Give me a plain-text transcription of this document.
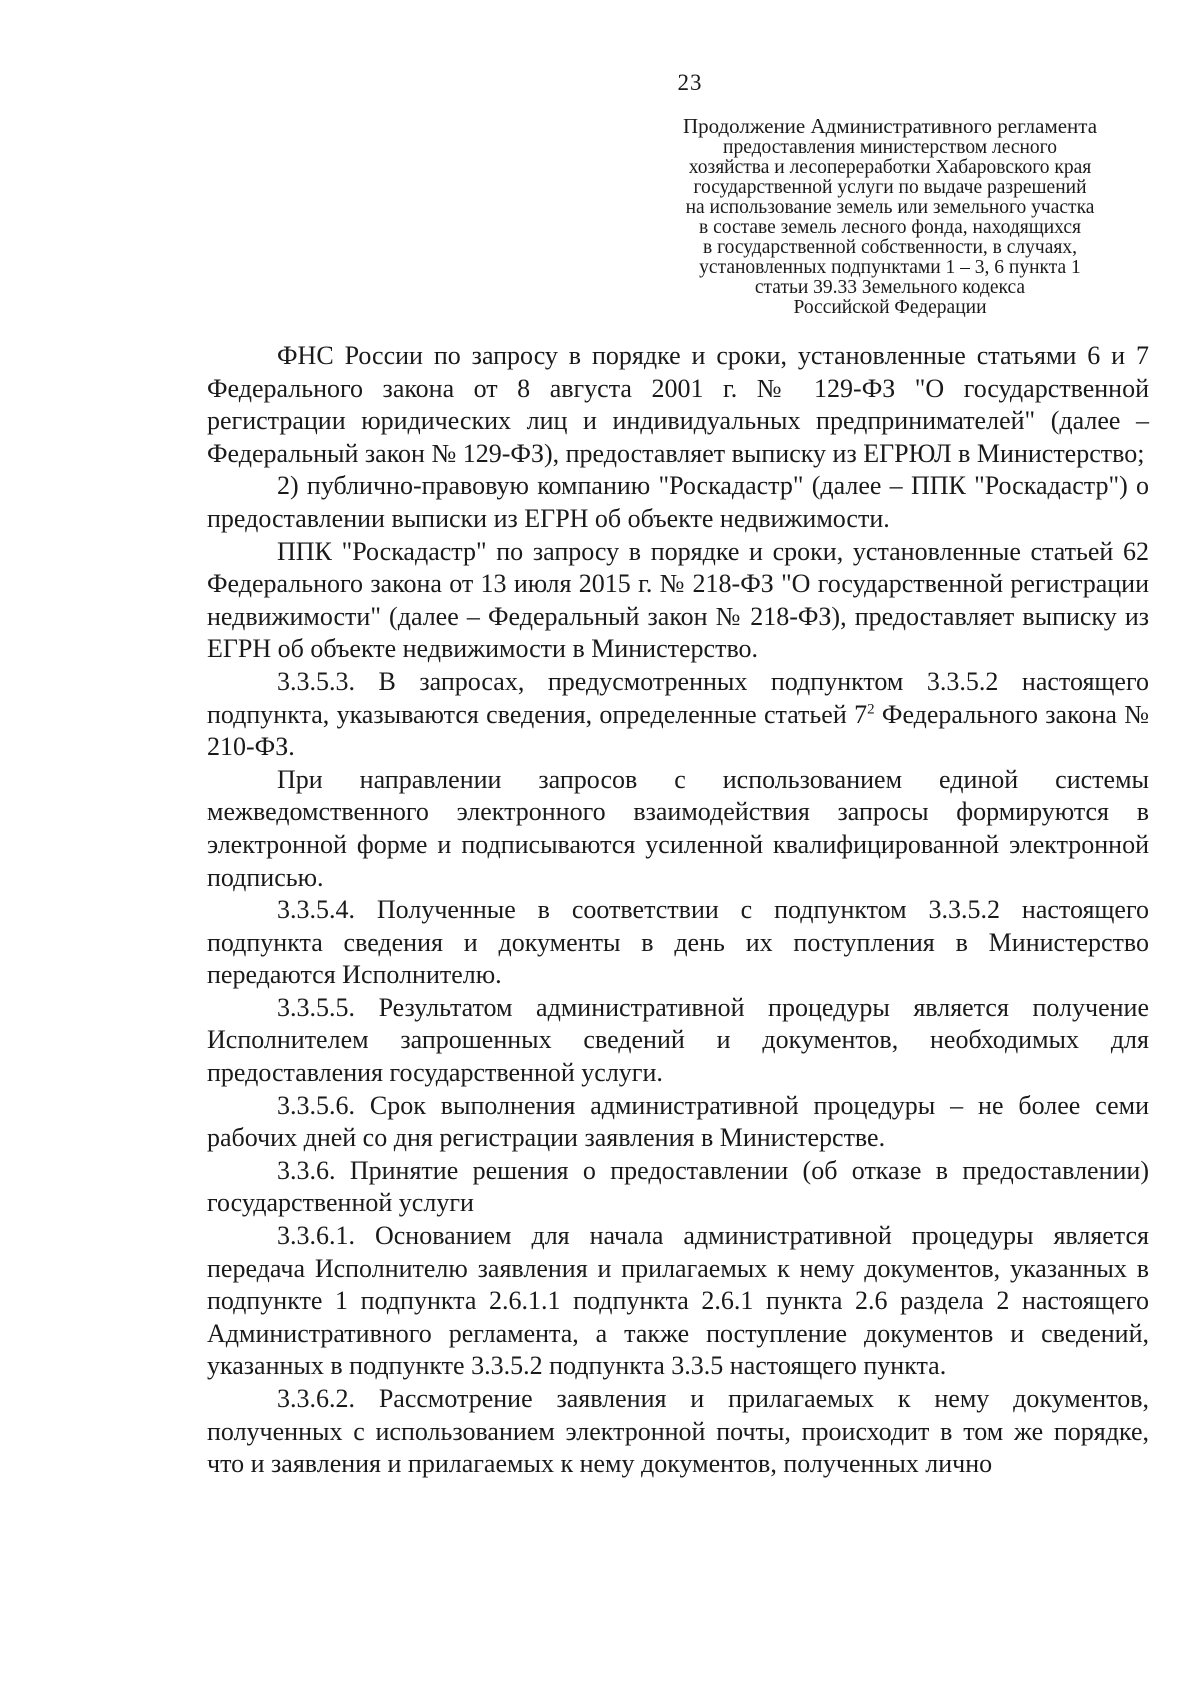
23
Продолжение Административного регламента
предоставления министерством лесного
хозяйства и лесопереработки Хабаровского края
государственной услуги по выдаче разрешений
на использование земель или земельного участка
в составе земель лесного фонда, находящихся
в государственной собственности, в случаях,
установленных подпунктами 1 – 3, 6 пункта 1
статьи 39.33 Земельного кодекса
Российской Федерации

ФНС России по запросу в порядке и сроки, установленные статьями 6 и 7 Федерального закона от 8 августа 2001 г. № 129-ФЗ "О государственной регистрации юридических лиц и индивидуальных предпринимателей" (далее – Федеральный закон № 129-ФЗ), предоставляет выписку из ЕГРЮЛ в Министерство;

2) публично-правовую компанию "Роскадастр" (далее – ППК "Роскадастр") о предоставлении выписки из ЕГРН об объекте недвижимости.

ППК "Роскадастр" по запросу в порядке и сроки, установленные статьей 62 Федерального закона от 13 июля 2015 г. № 218-ФЗ "О государственной регистрации недвижимости" (далее – Федеральный закон № 218-ФЗ), предоставляет выписку из ЕГРН об объекте недвижимости в Министерство.

3.3.5.3. В запросах, предусмотренных подпунктом 3.3.5.2 настоящего подпункта, указываются сведения, определенные статьей $7^2$ Федерального закона № 210-ФЗ.

При направлении запросов с использованием единой системы межведомственного электронного взаимодействия запросы формируются в электронной форме и подписываются усиленной квалифицированной электронной подписью.

3.3.5.4. Полученные в соответствии с подпунктом 3.3.5.2 настоящего подпункта сведения и документы в день их поступления в Министерство передаются Исполнителю.

3.3.5.5. Результатом административной процедуры является получение Исполнителем запрошенных сведений и документов, необходимых для предоставления государственной услуги.

3.3.5.6. Срок выполнения административной процедуры – не более семи рабочих дней со дня регистрации заявления в Министерстве.

3.3.6. Принятие решения о предоставлении (об отказе в предоставлении) государственной услуги

3.3.6.1. Основанием для начала административной процедуры является передача Исполнителю заявления и прилагаемых к нему документов, указанных в подпункте 1 подпункта 2.6.1.1 подпункта 2.6.1 пункта 2.6 раздела 2 настоящего Административного регламента, а также поступление документов и сведений, указанных в подпункте 3.3.5.2 подпункта 3.3.5 настоящего пункта.

3.3.6.2. Рассмотрение заявления и прилагаемых к нему документов, полученных с использованием электронной почты, происходит в том же порядке, что и заявления и прилагаемых к нему документов, полученных лично
